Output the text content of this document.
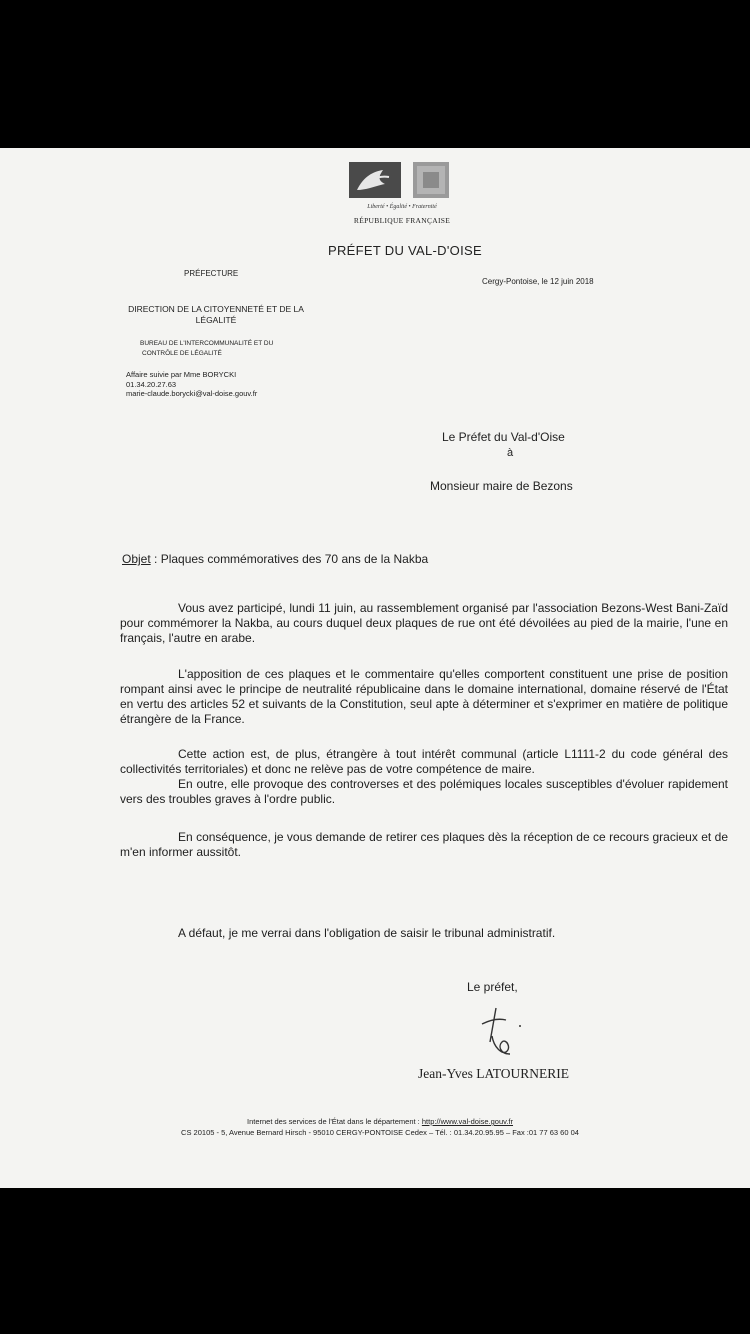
Liberté • Égalité • Fraternité
RÉPUBLIQUE FRANÇAISE

PRÉFET DU VAL-D'OISE

PRÉFECTURE

Cergy-Pontoise, le 12 juin 2018

DIRECTION DE LA CITOYENNETÉ ET DE LA
LÉGALITÉ
BUREAU DE L'INTERCOMMUNALITÉ ET DU
CONTRÔLE DE LÉGALITÉ
Affaire suivie par Mme BORYCKI
01.34.20.27.63
marie-claude.borycki@val-doise.gouv.fr

Le Préfet du Val-d'Oise

à

Monsieur maire de Bezons

Objet : Plaques commémoratives des 70 ans de la Nakba

Vous avez participé, lundi 11 juin, au rassemblement organisé par l'association Bezons-West Bani-Zaïd pour commémorer la Nakba, au cours duquel deux plaques de rue ont été dévoilées au pied de la mairie, l'une en français, l'autre en arabe.

L'apposition de ces plaques et le commentaire qu'elles comportent constituent une prise de position rompant ainsi avec le principe de neutralité républicaine dans le domaine international, domaine réservé de l'État en vertu des articles 52 et suivants de la Constitution, seul apte à déterminer et s'exprimer en matière de politique étrangère de la France.

Cette action est, de plus, étrangère à tout intérêt communal (article L1111-2 du code général des collectivités territoriales) et donc ne relève pas de votre compétence de maire.
En outre, elle provoque des controverses et des polémiques locales susceptibles d'évoluer rapidement vers des troubles graves à l'ordre public.

En conséquence, je vous demande de retirer ces plaques dès la réception de ce recours gracieux et de m'en informer aussitôt.

A défaut, je me verrai dans l'obligation de saisir le tribunal administratif.

Le préfet,

Jean-Yves LATOURNERIE

Internet des services de l'État dans le département : http://www.val-doise.gouv.fr
CS 20105 - 5, Avenue Bernard Hirsch - 95010 CERGY-PONTOISE Cedex – Tél. : 01.34.20.95.95 – Fax :01 77 63 60 04
